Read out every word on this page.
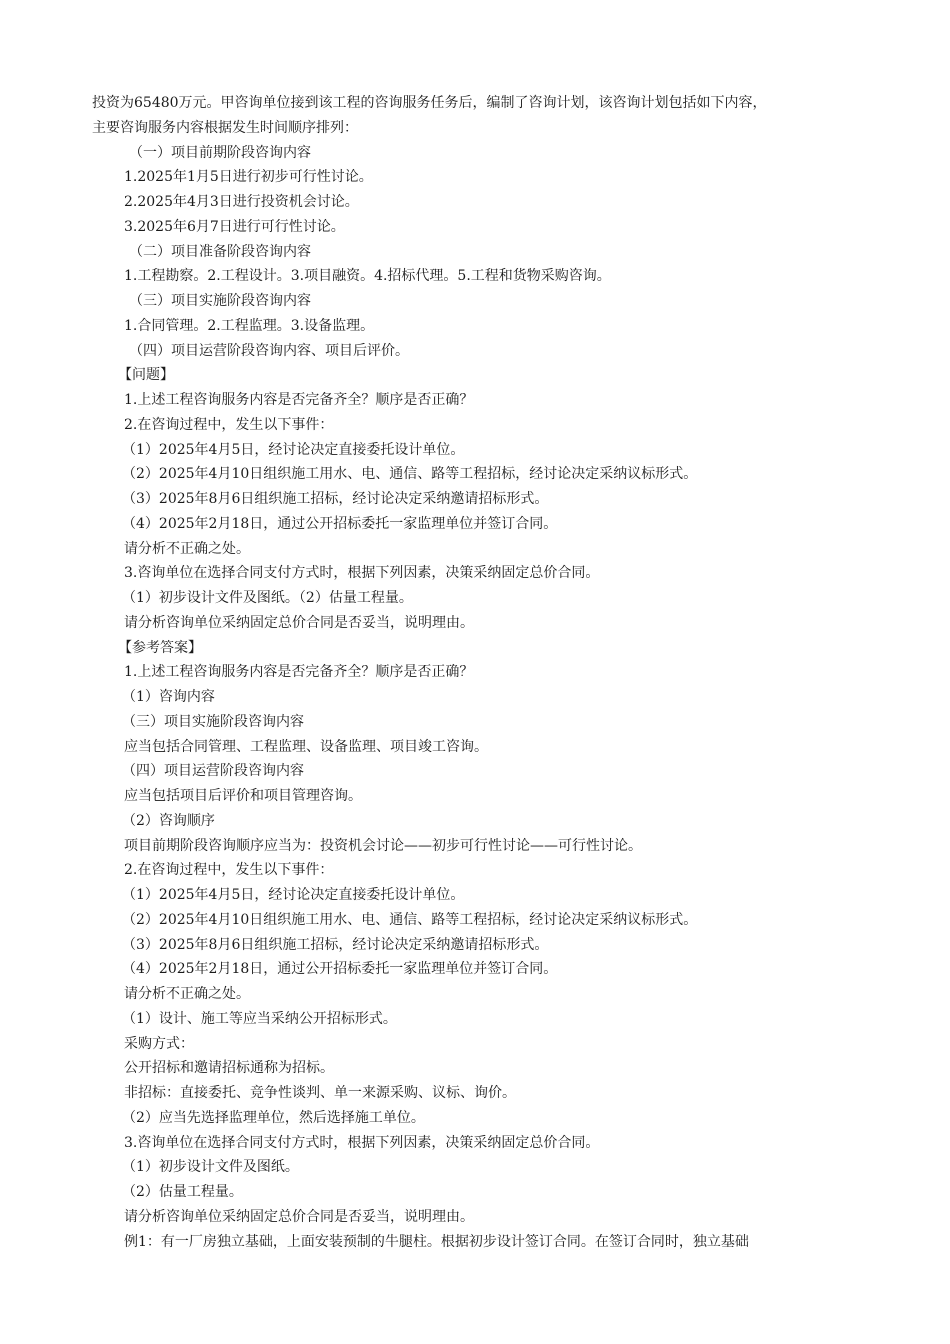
投资为65480万元。甲咨询单位接到该工程的咨询服务任务后，编制了咨询计划，该咨询计划包括如下内容，
主要咨询服务内容根据发生时间顺序排列：
（一）项目前期阶段咨询内容
1.2025年1月5日进行初步可行性讨论。
2.2025年4月3日进行投资机会讨论。
3.2025年6月7日进行可行性讨论。
（二）项目准备阶段咨询内容
1.工程勘察。2.工程设计。3.项目融资。4.招标代理。5.工程和货物采购咨询。
（三）项目实施阶段咨询内容
1.合同管理。2.工程监理。3.设备监理。
（四）项目运营阶段咨询内容、项目后评价。
【问题】
1.上述工程咨询服务内容是否完备齐全？顺序是否正确？
2.在咨询过程中，发生以下事件：
（1）2025年4月5日，经讨论决定直接委托设计单位。
（2）2025年4月10日组织施工用水、电、通信、路等工程招标，经讨论决定采纳议标形式。
（3）2025年8月6日组织施工招标，经讨论决定采纳邀请招标形式。
（4）2025年2月18日，通过公开招标委托一家监理单位并签订合同。
请分析不正确之处。
3.咨询单位在选择合同支付方式时，根据下列因素，决策采纳固定总价合同。
（1）初步设计文件及图纸。（2）估量工程量。
请分析咨询单位采纳固定总价合同是否妥当，说明理由。
【参考答案】
1.上述工程咨询服务内容是否完备齐全？顺序是否正确？
（1）咨询内容
（三）项目实施阶段咨询内容
应当包括合同管理、工程监理、设备监理、项目竣工咨询。
（四）项目运营阶段咨询内容
应当包括项目后评价和项目管理咨询。
（2）咨询顺序
项目前期阶段咨询顺序应当为：投资机会讨论——初步可行性讨论——可行性讨论。
2.在咨询过程中，发生以下事件：
（1）2025年4月5日，经讨论决定直接委托设计单位。
（2）2025年4月10日组织施工用水、电、通信、路等工程招标，经讨论决定采纳议标形式。
（3）2025年8月6日组织施工招标，经讨论决定采纳邀请招标形式。
（4）2025年2月18日，通过公开招标委托一家监理单位并签订合同。
请分析不正确之处。
（1）设计、施工等应当采纳公开招标形式。
采购方式：
公开招标和邀请招标通称为招标。
非招标：直接委托、竞争性谈判、单一来源采购、议标、询价。
（2）应当先选择监理单位，然后选择施工单位。
3.咨询单位在选择合同支付方式时，根据下列因素，决策采纳固定总价合同。
（1）初步设计文件及图纸。
（2）估量工程量。
请分析咨询单位采纳固定总价合同是否妥当，说明理由。
例1：有一厂房独立基础，上面安装预制的牛腿柱。根据初步设计签订合同。在签订合同时，独立基础
